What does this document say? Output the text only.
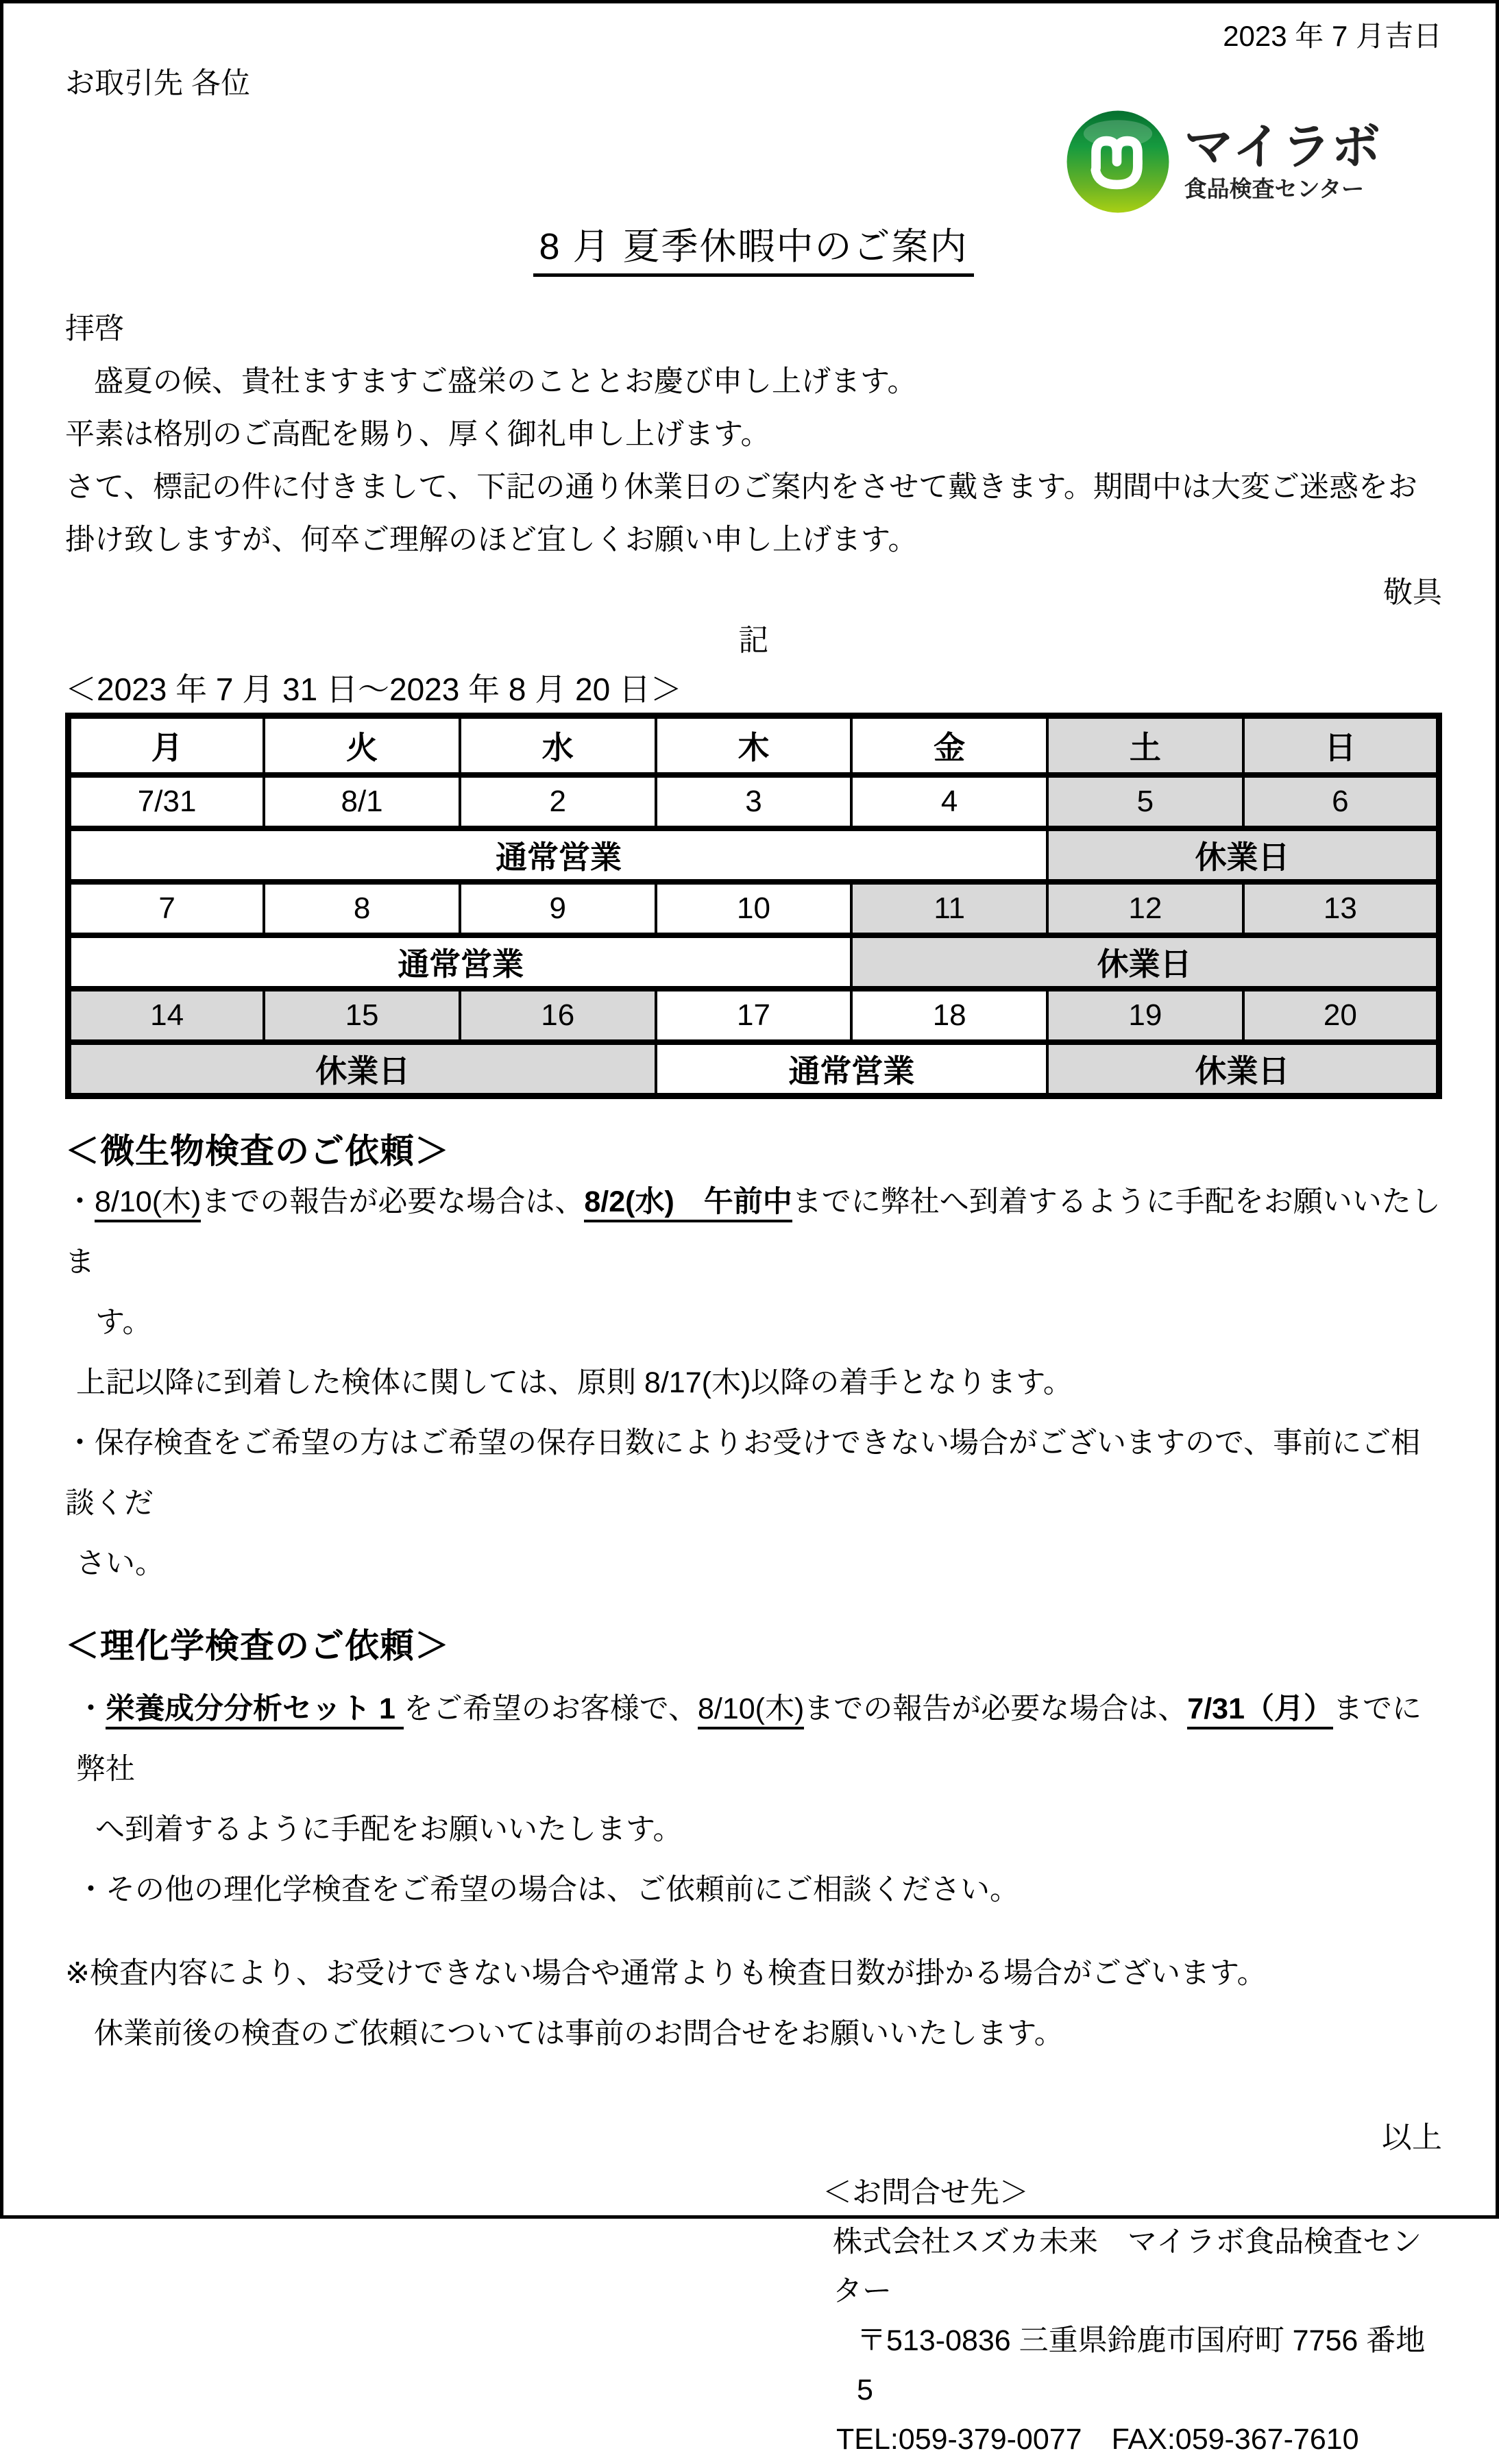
2023 年 7 月吉日
お取引先 各位
マイラボ
食品検査センター
8 月 夏季休暇中のご案内
拝啓
盛夏の候、貴社ますますご盛栄のこととお慶び申し上げます。
平素は格別のご高配を賜り、厚く御礼申し上げます。
さて、標記の件に付きまして、下記の通り休業日のご案内をさせて戴きます。期間中は大変ご迷惑をお
掛け致しますが、何卒ご理解のほど宜しくお願い申し上げます。
敬具
記
＜2023 年 7 月 31 日～2023 年 8 月 20 日＞
月	火	水	木	金	土	日
7/31	8/1	2	3	4	5	6
通常営業					休業日	
7	8	9	10	11	12	13
通常営業				休業日		
14	15	16	17	18	19	20
休業日			通常営業		休業日	
＜微生物検査のご依頼＞
・8/10(木)までの報告が必要な場合は、8/2(水)　午前中までに弊社へ到着するように手配をお願いいたしま
す。
上記以降に到着した検体に関しては、原則 8/17(木)以降の着手となります。
・保存検査をご希望の方はご希望の保存日数によりお受けできない場合がございますので、事前にご相談くだ
さい。
＜理化学検査のご依頼＞
・栄養成分分析セット 1 をご希望のお客様で、8/10(木)までの報告が必要な場合は、7/31（月）までに弊社
へ到着するように手配をお願いいたします。
・その他の理化学検査をご希望の場合は、ご依頼前にご相談ください。
※検査内容により、お受けできない場合や通常よりも検査日数が掛かる場合がございます。
休業前後の検査のご依頼については事前のお問合せをお願いいたします。
以上
＜お問合せ先＞
株式会社スズカ未来　マイラボ食品検査センター
〒513-0836 三重県鈴鹿市国府町 7756 番地 5
TEL:059-379-0077　FAX:059-367-7610
